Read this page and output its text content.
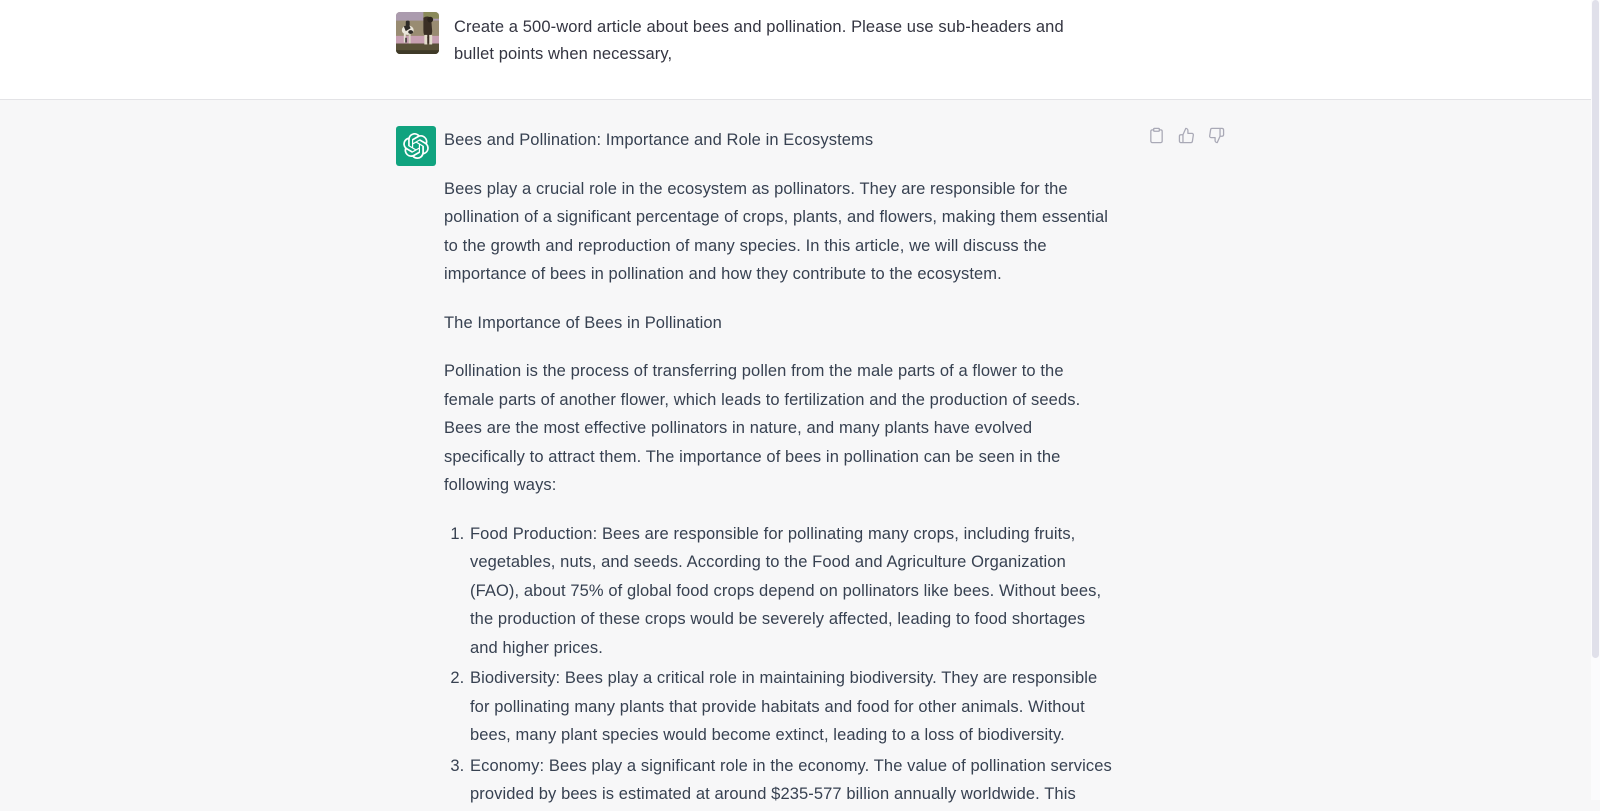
Create a 500-word article about bees and pollination. Please use sub-headers and bullet points when necessary,

Bees and Pollination: Importance and Role in Ecosystems

Bees play a crucial role in the ecosystem as pollinators. They are responsible for the pollination of a significant percentage of crops, plants, and flowers, making them essential to the growth and reproduction of many species. In this article, we will discuss the importance of bees in pollination and how they contribute to the ecosystem.

The Importance of Bees in Pollination

Pollination is the process of transferring pollen from the male parts of a flower to the female parts of another flower, which leads to fertilization and the production of seeds. Bees are the most effective pollinators in nature, and many plants have evolved specifically to attract them. The importance of bees in pollination can be seen in the following ways:

1. Food Production: Bees are responsible for pollinating many crops, including fruits, vegetables, nuts, and seeds. According to the Food and Agriculture Organization (FAO), about 75% of global food crops depend on pollinators like bees. Without bees, the production of these crops would be severely affected, leading to food shortages and higher prices.
2. Biodiversity: Bees play a critical role in maintaining biodiversity. They are responsible for pollinating many plants that provide habitats and food for other animals. Without bees, many plant species would become extinct, leading to a loss of biodiversity.
3. Economy: Bees play a significant role in the economy. The value of pollination services provided by bees is estimated at around $235-577 billion annually worldwide. This
